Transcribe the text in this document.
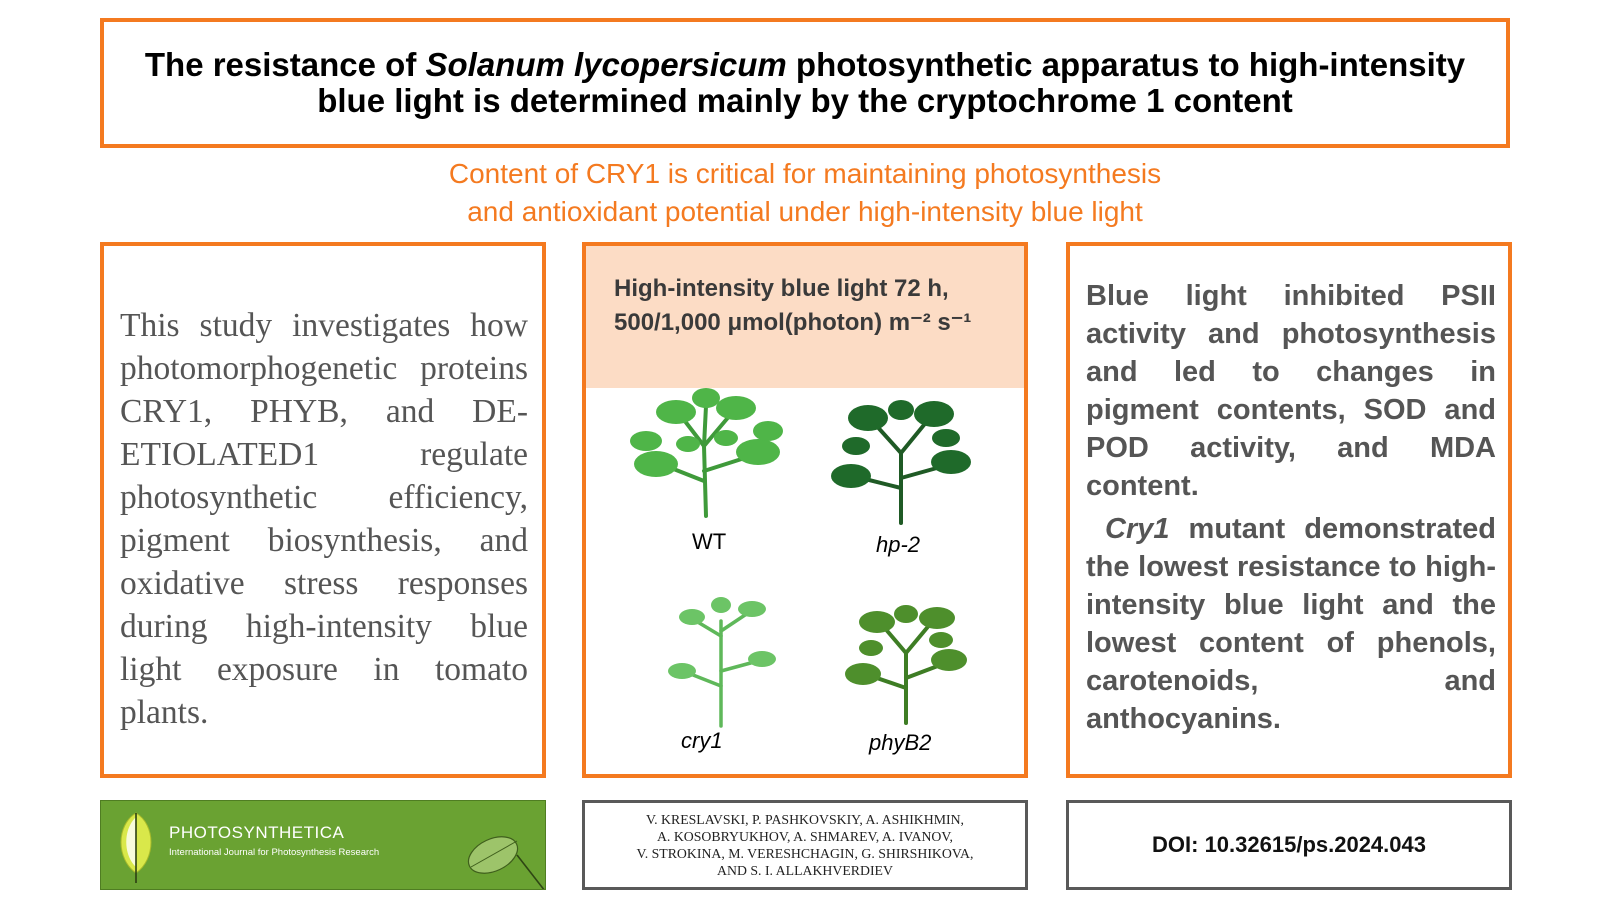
The resistance of Solanum lycopersicum photosynthetic apparatus to high-intensity blue light is determined mainly by the cryptochrome 1 content
Content of CRY1 is critical for maintaining photosynthesis
and antioxidant potential under high-intensity blue light
This study investigates how photomorphogenetic proteins CRY1, PHYB, and DE-ETIOLATED1 regulate photosynthetic efficiency, pigment biosynthesis, and oxidative stress responses during high-intensity blue light exposure in tomato plants.
High-intensity blue light 72 h,
500/1,000 μmol(photon) m⁻² s⁻¹
WT	hp-2
cry1	phyB2
Blue light inhibited PSII activity and photosynthesis and led to changes in pigment contents, SOD and POD activity, and MDA content.
Cry1 mutant demonstrated the lowest resistance to high-intensity blue light and the lowest content of phenols, carotenoids, and anthocyanins.
PHOTOSYNTHETICA
International Journal for Photosynthesis Research
V. KRESLAVSKI, P. PASHKOVSKIY, A. ASHIKHMIN,
A. KOSOBRYUKHOV, A. SHMAREV, A. IVANOV,
V. STROKINA, M. VERESHCHAGIN, G. SHIRSHIKOVA,
AND S. I. ALLAKHVERDIEV
DOI: 10.32615/ps.2024.043
